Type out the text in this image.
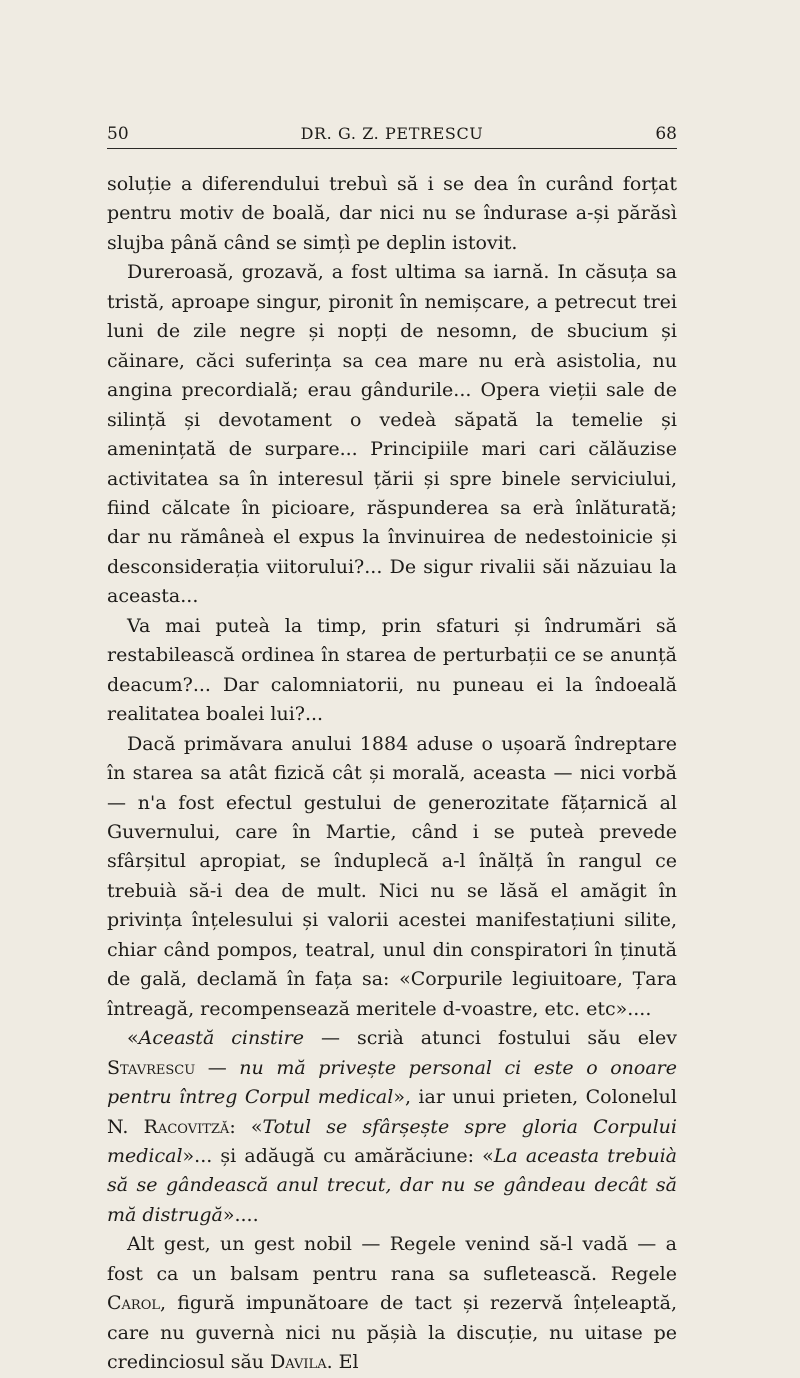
50	DR. G. Z. PETRESCU	68

soluție a diferendului trebuì să i se dea în curând forțat pentru motiv de boală, dar nici nu se îndurase a-și părăsì slujba până când se simțì pe deplin istovit.

Dureroasă, grozavă, a fost ultima sa iarnă. In căsuța sa tristă, aproape singur, pironit în nemișcare, a petrecut trei luni de zile negre și nopți de nesomn, de sbucium și căinare, căci suferința sa cea mare nu erà asistolia, nu angina precordială; erau gândurile... Opera vieții sale de silință și devotament o vedeà săpată la temelie și amenințată de surpare... Principiile mari cari călăuzise activitatea sa în interesul țării și spre binele serviciului, fiind călcate în picioare, răspunderea sa erà înlăturată; dar nu rămâneà el expus la învinuirea de nedestoinicie și desconsiderația viitorului?... De sigur rivalii săi năzuiau la aceasta...

Va mai puteà la timp, prin sfaturi și îndrumări să restabilească ordinea în starea de perturbații ce se anunță deacum?... Dar calomniatorii, nu puneau ei la îndoeală realitatea boalei lui?...

Dacă primăvara anului 1884 aduse o ușoară îndreptare în starea sa atât fizică cât și morală, aceasta — nici vorbă — n'a fost efectul gestului de generozitate fățarnică al Guvernului, care în Martie, când i se puteà prevede sfârșitul apropiat, se înduplecă a-l înălță în rangul ce trebuià să-i dea de mult. Nici nu se lăsă el amăgit în privința înțelesului și valorii acestei manifestațiuni silite, chiar când pompos, teatral, unul din conspiratori în ținută de gală, declamă în fața sa: «Corpurile legiuitoare, Țara întreagă, recompensează meritele d-voastre, etc. etc»....

«Această cinstire — scrià atunci fostului său elev Stavrescu — nu mă privește personal ci este o onoare pentru întreg Corpul medical», iar unui prieten, Colonelul N. Racovitză: «Totul se sfârșește spre gloria Corpului medical»... și adăugă cu amărăciune: «La aceasta trebuià să se gândească anul trecut, dar nu se gândeau decât să mă distrugă»....

Alt gest, un gest nobil — Regele venind să-l vadă — a fost ca un balsam pentru rana sa sufletească. Regele Carol, figură impunătoare de tact și rezervă înțeleaptă, care nu guvernà nici nu pășià la discuție, nu uitase pe credinciosul său Davila. El
